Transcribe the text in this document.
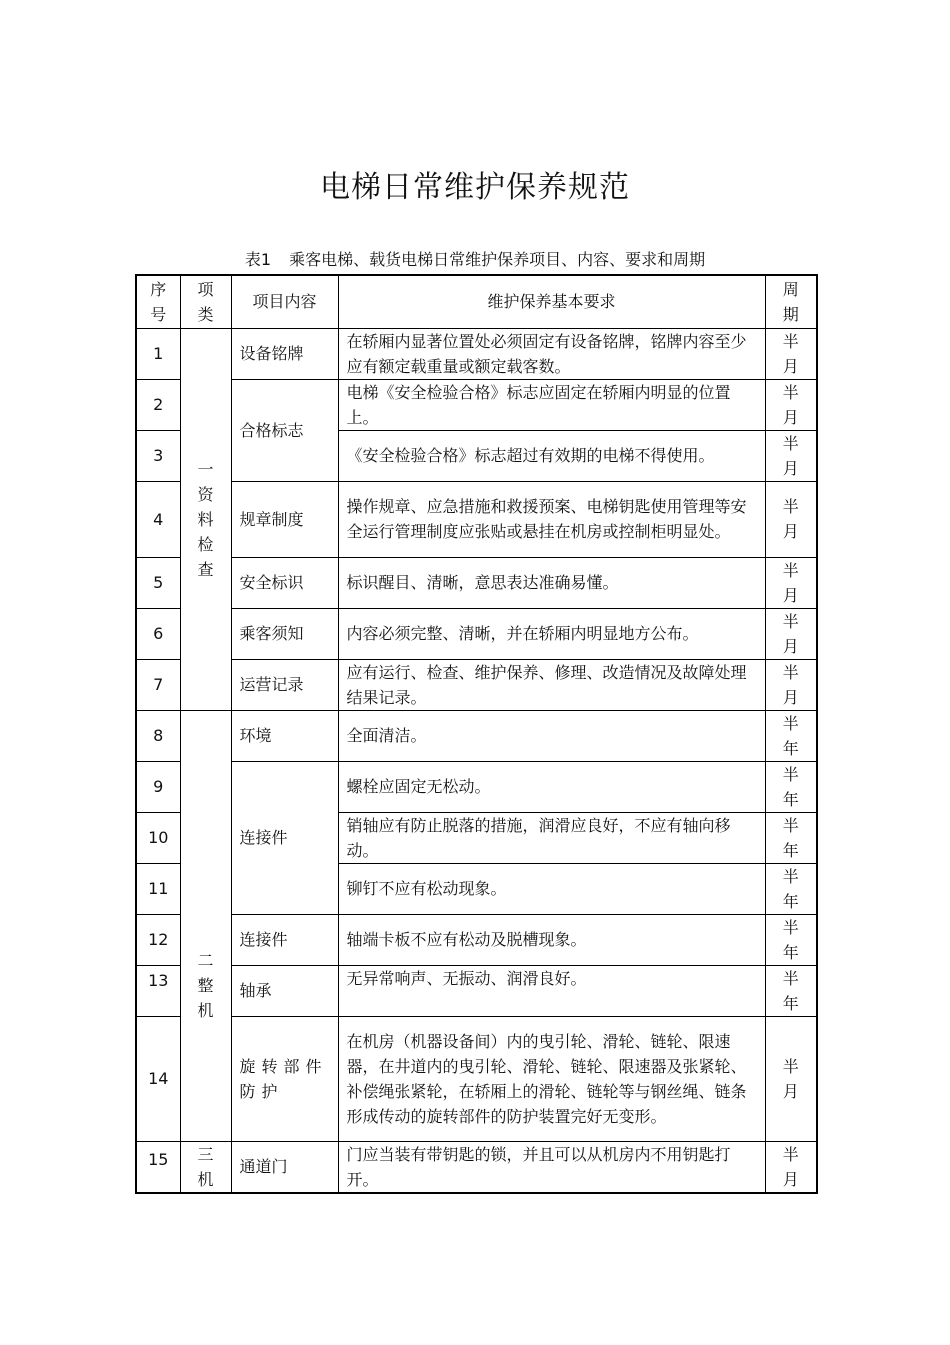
电梯日常维护保养规范
表1 乘客电梯、载货电梯日常维护保养项目、内容、要求和周期
序号	项类	项目内容	维护保养基本要求	周期
1	一资料检查	设备铭牌	在轿厢内显著位置处必须固定有设备铭牌，铭牌内容至少应有额定载重量或额定载客数。	半月
2		合格标志	电梯《安全检验合格》标志应固定在轿厢内明显的位置上。	半月
3			《安全检验合格》标志超过有效期的电梯不得使用。	半月
4		规章制度	操作规章、应急措施和救援预案、电梯钥匙使用管理等安全运行管理制度应张贴或悬挂在机房或控制柜明显处。	半月
5		安全标识	标识醒目、清晰，意思表达准确易懂。	半月
6		乘客须知	内容必须完整、清晰，并在轿厢内明显地方公布。	半月
7		运营记录	应有运行、检查、维护保养、修理、改造情况及故障处理结果记录。	半月
8	二整机	环境	全面清洁。	半年
9		连接件	螺栓应固定无松动。	半年
10			销轴应有防止脱落的措施，润滑应良好，不应有轴向移动。	半年
11			铆钉不应有松动现象。	半年
12		连接件	轴端卡板不应有松动及脱槽现象。	半年
13		轴承	无异常响声、无振动、润滑良好。	半年
14		旋转部件防护	在机房（机器设备间）内的曳引轮、滑轮、链轮、限速器，在井道内的曳引轮、滑轮、链轮、限速器及张紧轮、补偿绳张紧轮，在轿厢上的滑轮、链轮等与钢丝绳、链条形成传动的旋转部件的防护装置完好无变形。	半月
15	三机	通道门	门应当装有带钥匙的锁，并且可以从机房内不用钥匙打开。	半月
